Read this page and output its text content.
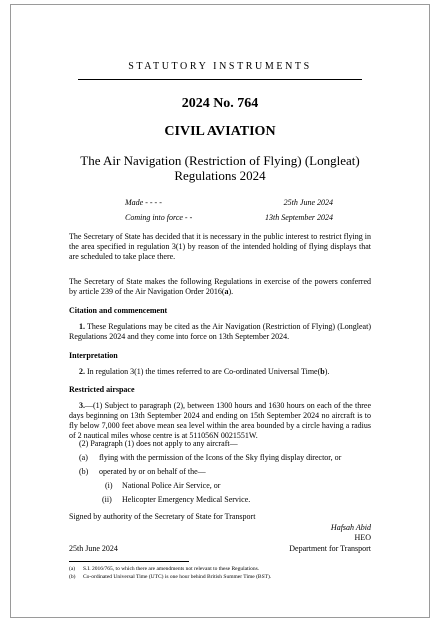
STATUTORY INSTRUMENTS
2024 No. 764
CIVIL AVIATION
The Air Navigation (Restriction of Flying) (Longleat) Regulations 2024
Made - - - -	25th June 2024
Coming into force - -	13th September 2024
The Secretary of State has decided that it is necessary in the public interest to restrict flying in the area specified in regulation 3(1) by reason of the intended holding of flying displays that are scheduled to take place there.
The Secretary of State makes the following Regulations in exercise of the powers conferred by article 239 of the Air Navigation Order 2016(a).
Citation and commencement
1. These Regulations may be cited as the Air Navigation (Restriction of Flying) (Longleat) Regulations 2024 and they come into force on 13th September 2024.
Interpretation
2. In regulation 3(1) the times referred to are Co-ordinated Universal Time(b).
Restricted airspace
3.—(1) Subject to paragraph (2), between 1300 hours and 1630 hours on each of the three days beginning on 13th September 2024 and ending on 15th September 2024 no aircraft is to fly below 7,000 feet above mean sea level within the area bounded by a circle having a radius of 2 nautical miles whose centre is at 511056N 0021551W.
(2) Paragraph (1) does not apply to any aircraft—
(a) flying with the permission of the Icons of the Sky flying display director, or
(b) operated by or on behalf of the—
(i) National Police Air Service, or
(ii) Helicopter Emergency Medical Service.
Signed by authority of the Secretary of State for Transport
Hafsah Abid
HEO
25th June 2024	Department for Transport
(a) S.I. 2016/765, to which there are amendments not relevant to these Regulations.
(b) Co-ordinated Universal Time (UTC) is one hour behind British Summer Time (BST).
